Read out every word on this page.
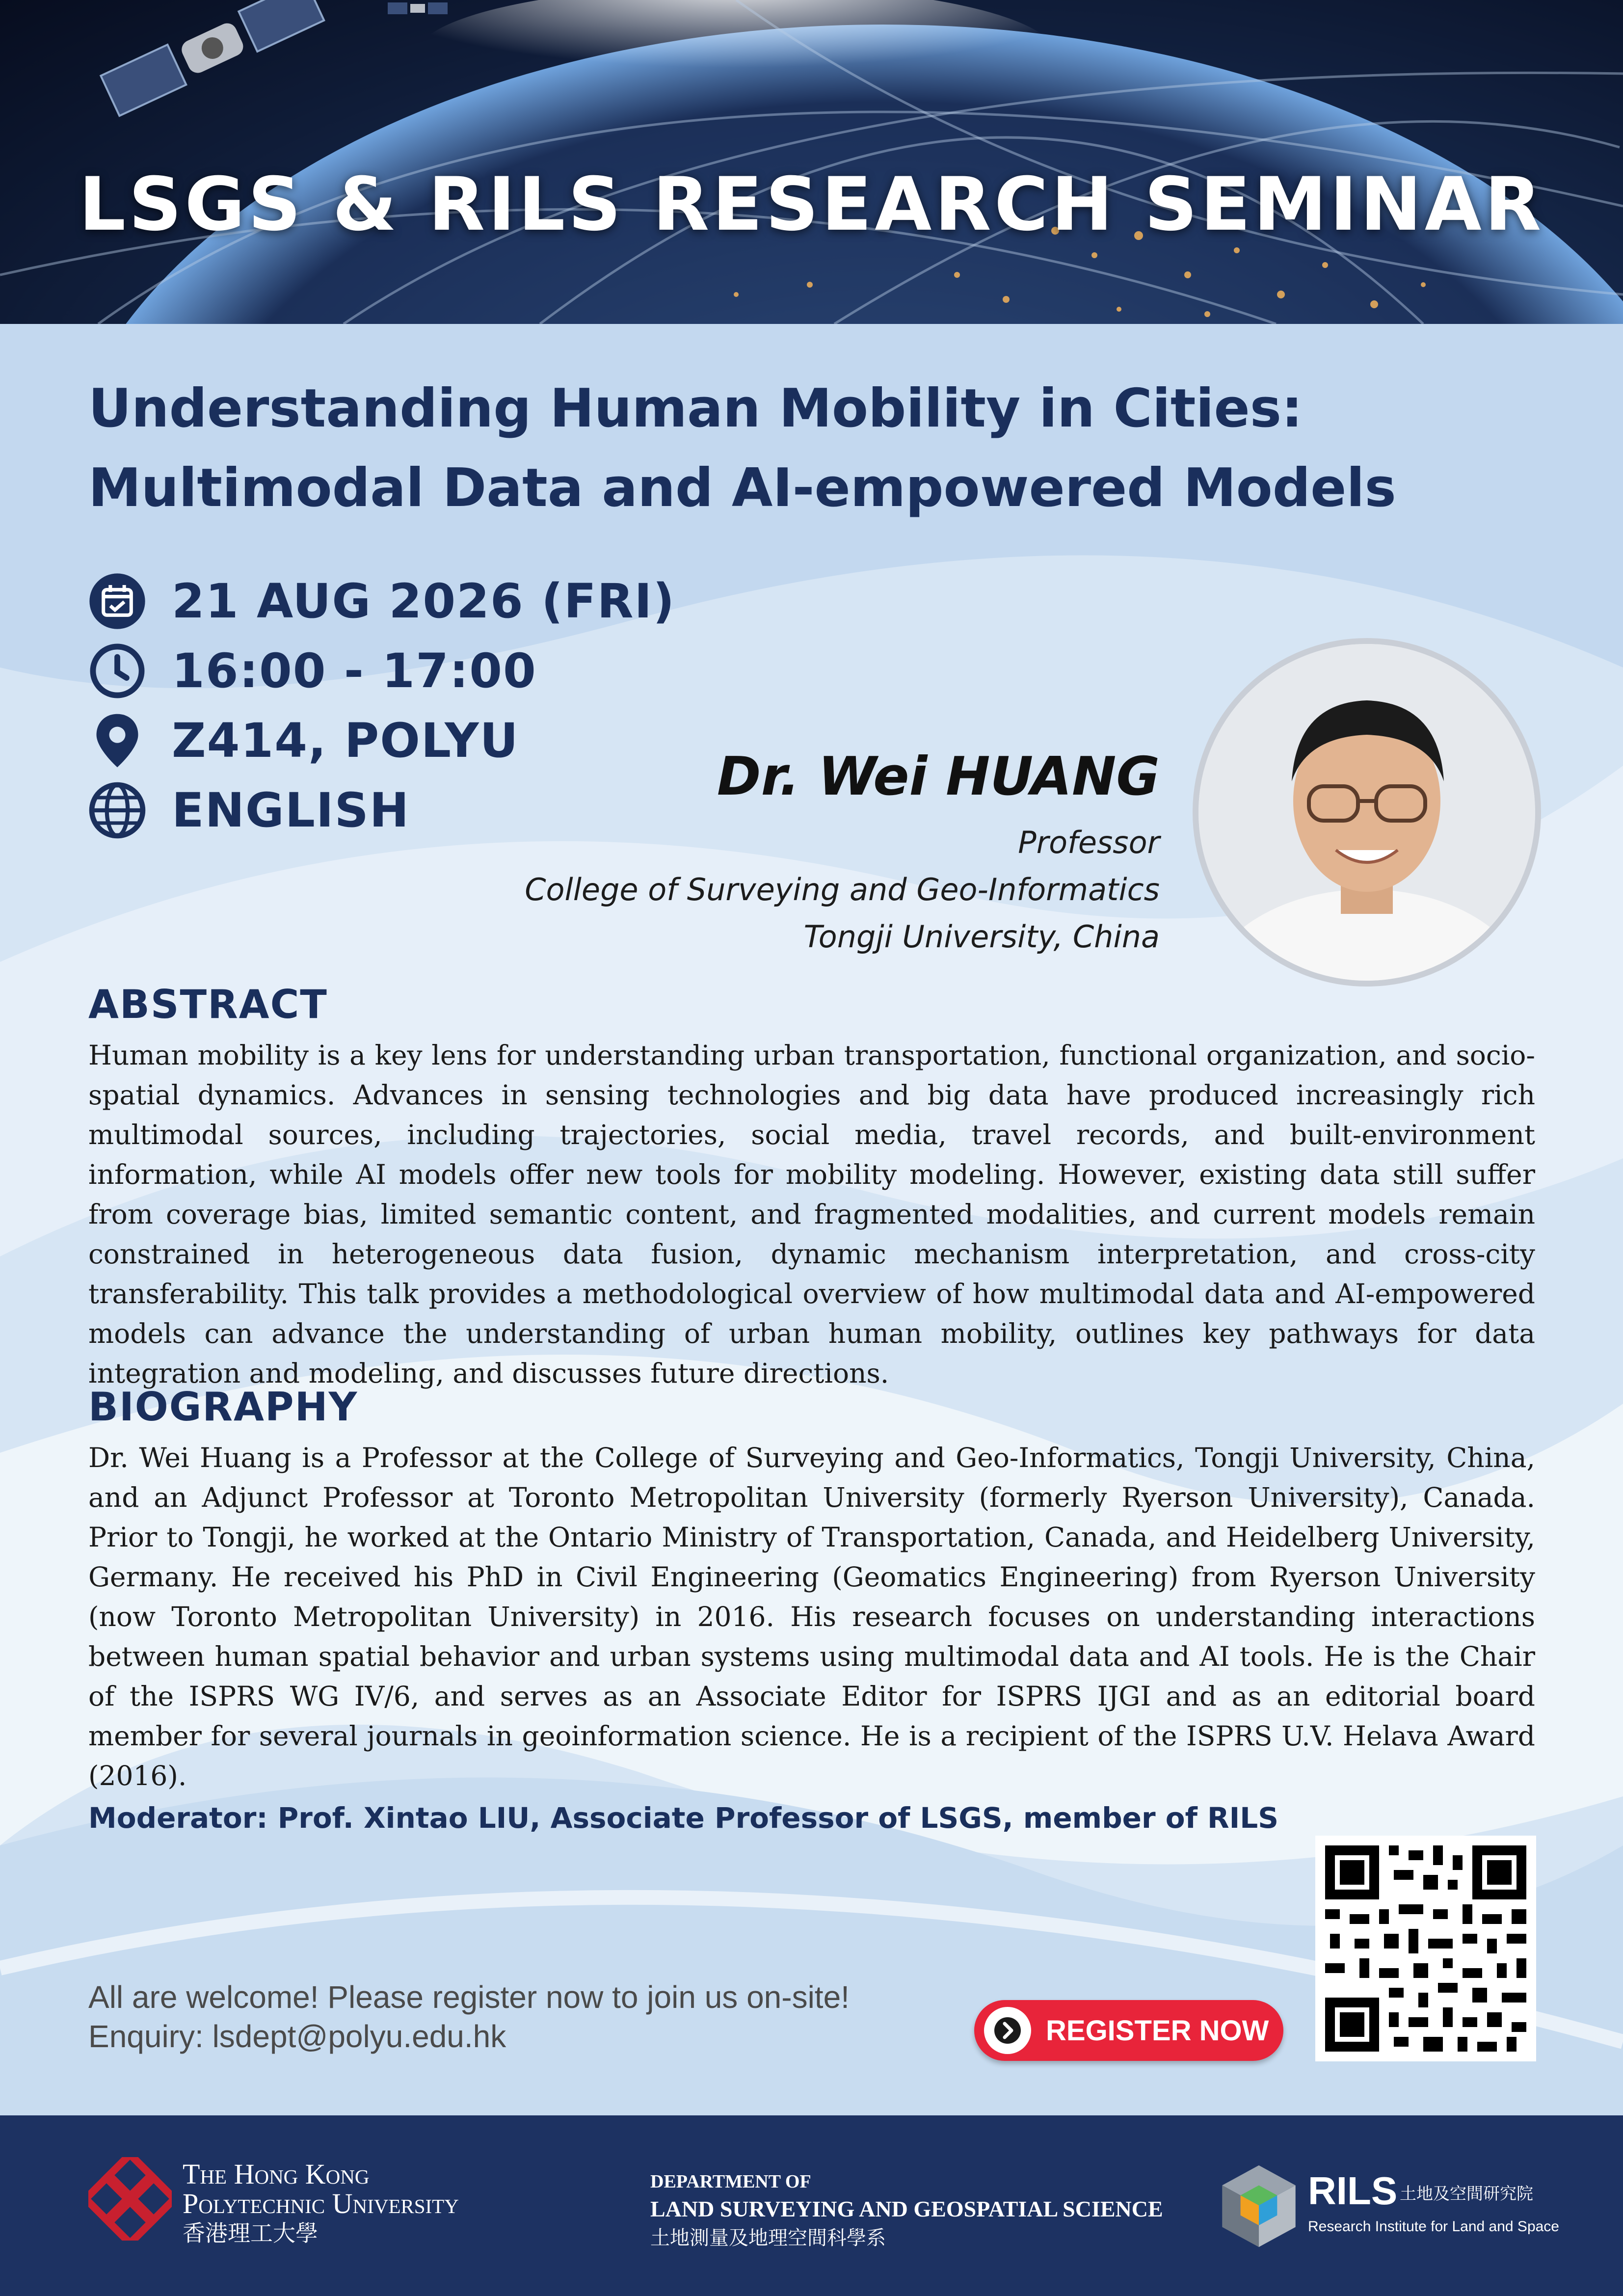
LSGS & RILS RESEARCH SEMINAR
Understanding Human Mobility in Cities:
Multimodal Data and AI-empowered Models
21 AUG 2026 (FRI)
16:00 - 17:00
Z414, POLYU
ENGLISH
Dr. Wei HUANG
Professor
College of Surveying and Geo-Informatics
Tongji University, China
ABSTRACT
Human mobility is a key lens for understanding urban transportation, functional organization, and socio-spatial dynamics. Advances in sensing technologies and big data have produced increasingly rich multimodal sources, including trajectories, social media, travel records, and built-environment information, while AI models offer new tools for mobility modeling. However, existing data still suffer from coverage bias, limited semantic content, and fragmented modalities, and current models remain constrained in heterogeneous data fusion, dynamic mechanism interpretation, and cross-city transferability. This talk provides a methodological overview of how multimodal data and AI-empowered models can advance the understanding of urban human mobility, outlines key pathways for data integration and modeling, and discusses future directions.
BIOGRAPHY
Dr. Wei Huang is a Professor at the College of Surveying and Geo-Informatics, Tongji University, China, and an Adjunct Professor at Toronto Metropolitan University (formerly Ryerson University), Canada. Prior to Tongji, he worked at the Ontario Ministry of Transportation, Canada, and Heidelberg University, Germany. He received his PhD in Civil Engineering (Geomatics Engineering) from Ryerson University (now Toronto Metropolitan University) in 2016. His research focuses on understanding interactions between human spatial behavior and urban systems using multimodal data and AI tools. He is the Chair of the ISPRS WG IV/6, and serves as an Associate Editor for ISPRS IJGI and as an editorial board member for several journals in geoinformation science. He is a recipient of the ISPRS U.V. Helava Award (2016).
Moderator: Prof. Xintao LIU, Associate Professor of LSGS, member of RILS
All are welcome! Please register now to join us on-site!
Enquiry: lsdept@polyu.edu.hk	REGISTER NOW
The Hong Kong
Polytechnic University
香港理工大學
DEPARTMENT OF
LAND SURVEYING AND GEOSPATIAL SCIENCE
土地測量及地理空間科學系
RILS 土地及空間研究院
Research Institute for Land and Space
